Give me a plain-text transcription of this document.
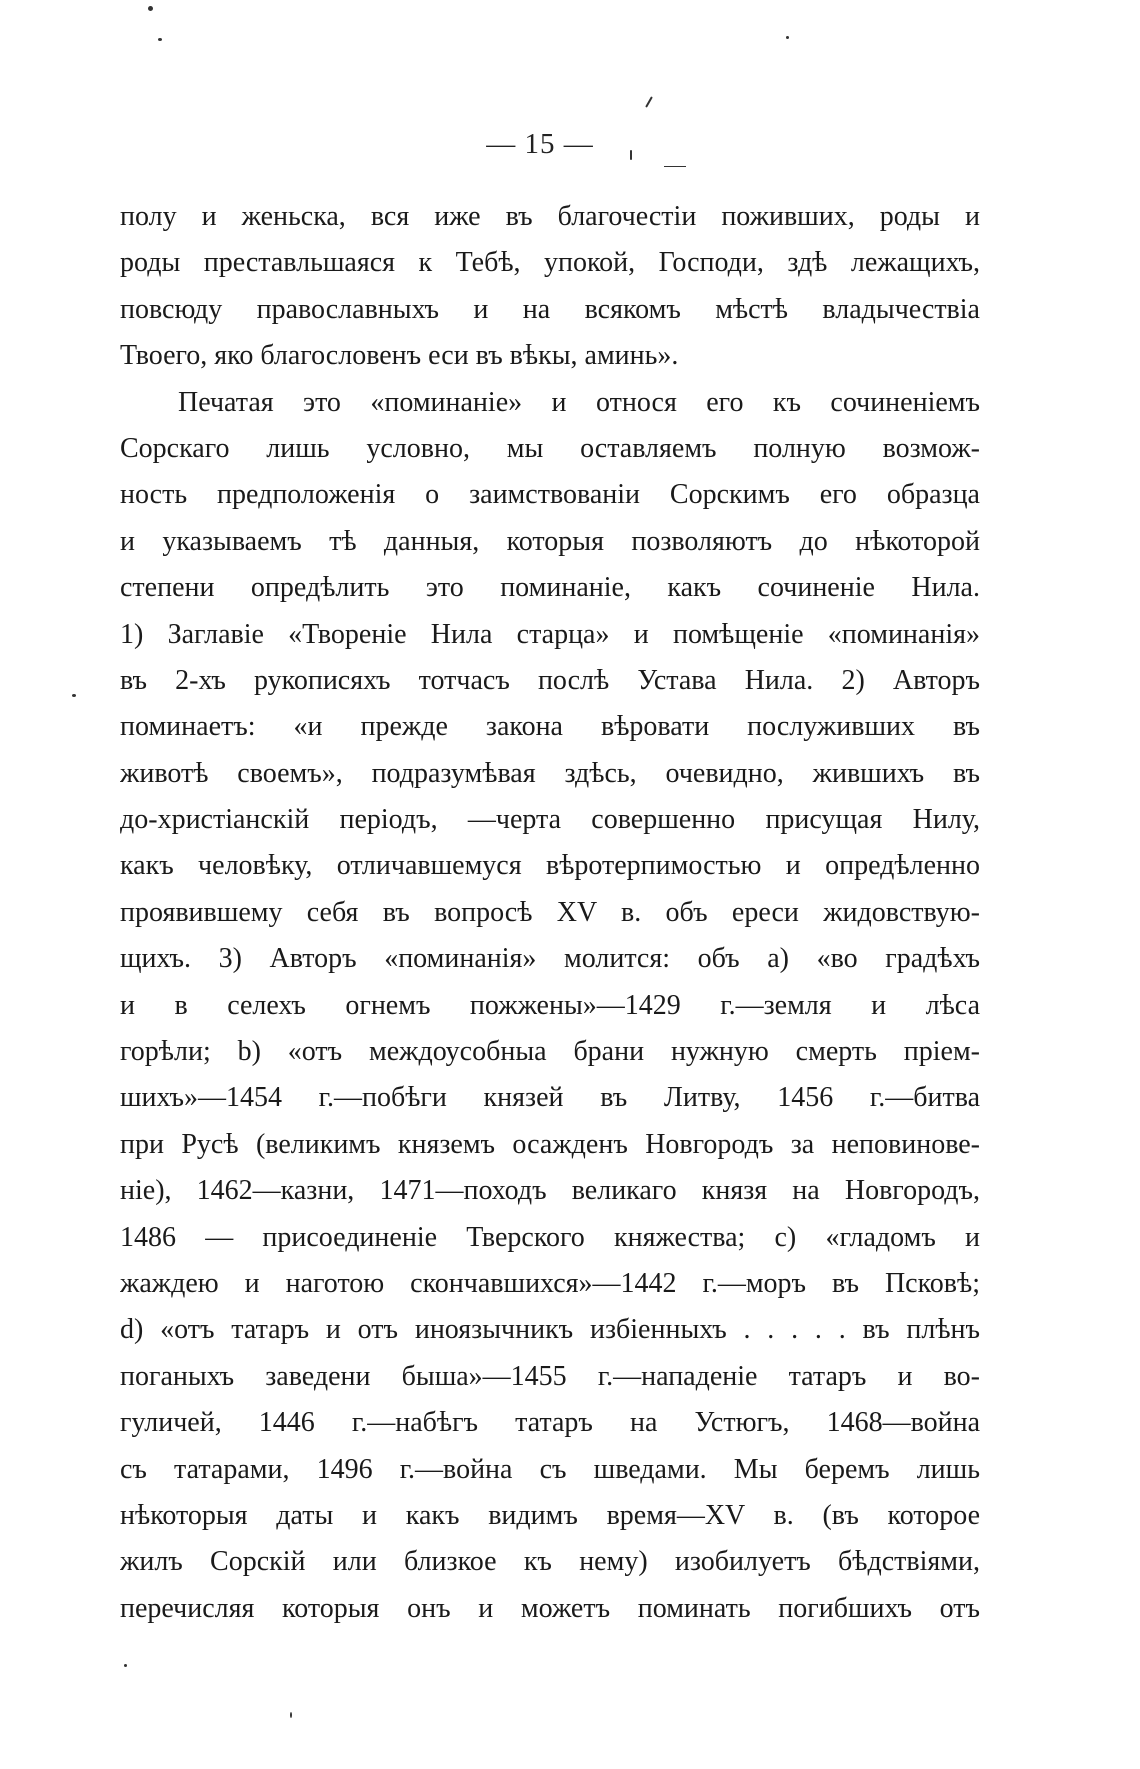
— 15 —
полу и женьска, вся иже въ благочестіи поживших, роды и
роды преставльшаяся к Тебѣ, упокой, Господи, здѣ лежащихъ,
повсюду православныхъ и на всякомъ мѣстѣ владычествіа
Твоего, яко благословенъ еси въ вѣкы, аминь».
Печатая это «поминаніе» и относя его къ сочиненіемъ
Сорскаго лишь условно, мы оставляемъ полную возмож-
ность предположенія о заимствованіи Сорскимъ его образца
и указываемъ тѣ данныя, которыя позволяютъ до нѣкоторой
степени опредѣлить это поминаніе, какъ сочиненіе Нила.
1) Заглавіе «Твореніе Нила старца» и помѣщеніе «поминанія»
въ 2-хъ рукописяхъ тотчасъ послѣ Устава Нила. 2) Авторъ
поминаетъ: «и прежде закона вѣровати послуживших въ
животѣ своемъ», подразумѣвая здѣсь, очевидно, жившихъ въ
до-христіанскій періодъ, —черта совершенно присущая Нилу,
какъ человѣку, отличавшемуся вѣротерпимостью и опредѣленно
проявившему себя въ вопросѣ XV в. объ ереси жидовствую-
щихъ. 3) Авторъ «поминанія» молится: объ a) «во градѣхъ
и в селехъ огнемъ пожжены»—1429 г.—земля и лѣса
горѣли; b) «отъ междоусобныа брани нужную смерть пріем-
шихъ»—1454 г.—побѣги князей въ Литву, 1456 г.—битва
при Русѣ (великимъ княземъ осажденъ Новгородъ за неповинове-
ніе), 1462—казни, 1471—походъ великаго князя на Новгородъ,
1486 — присоединеніе Тверского княжества; c) «гладомъ и
жаждею и наготою скончавшихся»—1442 г.—моръ въ Псковѣ;
d) «отъ татаръ и отъ иноязычникъ избіенныхъ . . . . . въ плѣнъ
поганыхъ заведени быша»—1455 г.—нападеніе татаръ и во-
гуличей, 1446 г.—набѣгъ татаръ на Устюгъ, 1468—война
съ татарами, 1496 г.—война съ шведами. Мы беремъ лишь
нѣкоторыя даты и какъ видимъ время—XV в. (въ которое
жилъ Сорскій или близкое къ нему) изобилуетъ бѣдствіями,
перечисляя которыя онъ и можетъ поминать погибшихъ отъ
